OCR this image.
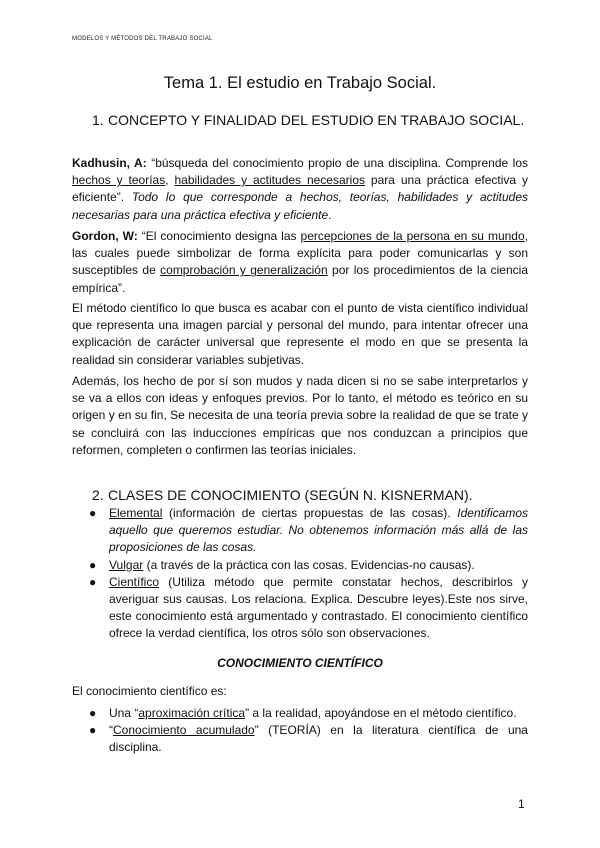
MODELOS Y MÉTODOS DEL TRABAJO SOCIAL
Tema 1. El estudio en Trabajo Social.
1. CONCEPTO Y FINALIDAD DEL ESTUDIO EN TRABAJO SOCIAL.
Kadhusin, A: “búsqueda del conocimiento propio de una disciplina. Comprende los hechos y teorías, habilidades y actitudes necesarios para una práctica efectiva y eficiente”. Todo lo que corresponde a hechos, teorías, habilidades y actitudes necesarias para una práctica efectiva y eficiente.
Gordon, W: “El conocimiento designa las percepciones de la persona en su mundo, las cuales puede simbolizar de forma explícita para poder comunicarlas y son susceptibles de comprobación y generalización por los procedimientos de la ciencia empírica”.
El método científico lo que busca es acabar con el punto de vista científico individual que representa una imagen parcial y personal del mundo, para intentar ofrecer una explicación de carácter universal que represente el modo en que se presenta la realidad sin considerar variables subjetivas.
Además, los hecho de por sí son mudos y nada dicen si no se sabe interpretarlos y se va a ellos con ideas y enfoques previos. Por lo tanto, el método es teórico en su origen y en su fin, Se necesita de una teoría previa sobre la realidad de que se trate y se concluirá con las inducciones empíricas que nos conduzcan a principios que reformen, completen o confirmen las teorías iniciales.
2. CLASES DE CONOCIMIENTO (SEGÚN N. KISNERMAN).
● Elemental (información de ciertas propuestas de las cosas). Identificamos aquello que queremos estudiar. No obtenemos información más allá de las proposiciones de las cosas.
● Vulgar (a través de la práctica con las cosas. Evidencias-no causas).
● Científico (Utiliza método que permite constatar hechos, describirlos y averiguar sus causas. Los relaciona. Explica. Descubre leyes).Este nos sirve, este conocimiento está argumentado y contrastado. El conocimiento científico ofrece la verdad científica, los otros sólo son observaciones.
CONOCIMIENTO CIENTÍFICO
El conocimiento científico es:
● Una “aproximación crítica” a la realidad, apoyándose en el método científico.
● “Conocimiento acumulado” (TEORÍA) en la literatura científica de una disciplina.
1
